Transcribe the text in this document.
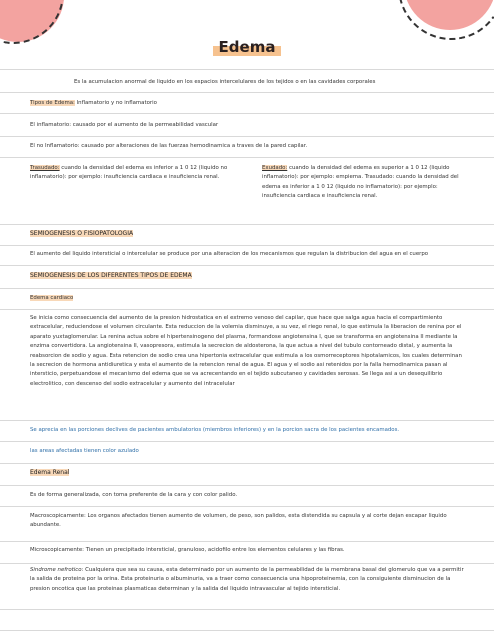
Edema
Es la acumulacion anormal de liquido en los espacios intercelulares de los tejidos o en las cavidades corporales
Tipos de Edema: Inflamatorio y no inflamatorio
El inflamatorio: causado por el aumento de la permeabilidad vascular
El no Inflamatorio: causado por alteraciones de las fuerzas hemodinamica a traves de la pared capilar.
Trasudado: cuando la densidad del edema es inferior a 1 0 12 (liquido no inflamatorio): por ejemplo: insuficiencia cardiaca e insuficiencia renal.
Exudado: cuando la densidad del edema es superior a 1 0 12 (liquido inflamatorio): por ejemplo: empiema. Trasudado: cuando la densidad del edema es inferior a 1 0 12 (liquido no inflamatorio): por ejemplo: insuficiencia cardiaca e insuficiencia renal.
SEMIOGENESIS O FISIOPATOLOGIA
El aumento del liquido intersticial o intercelular se produce por una alteracion de los mecanismos que regulan la distribucion del agua en el cuerpo
SEMIOGENESIS DE LOS DIFERENTES TIPOS DE EDEMA
Edema cardiaco
Se inicia como consecuencia del aumento de la presion hidrostatica en el extremo venoso del capilar, que hace que salga agua hacia el compartimiento extracelular, reduciendose el volumen circulante. Esta reduccion de la volemia disminuye, a su vez, el riego renal, lo que estimula la liberacion de renina por el aparato yuxtaglomerular. La renina actua sobre el hipertensinogeno del plasma, formandose angiotensina I, que se transforma en angiotensina II mediante la enzima convertidora. La angiotensina II, vasopresora, estimula la secrecion de aldosterona, la que actua a nivel del tubulo contorneado distal, y aumenta la reabsorcion de sodio y agua. Esta retencion de sodio crea una hipertonia extracelular que estimula a los osmorreceptores hipotalamicos, los cuales determinan la secrecion de hormona antidiuretica y esta el aumento de la retencion renal de agua. El agua y el sodio asi retenidos por la falla hemodinamica pasan al intersticio, perpetuandose el mecanismo del edema que se va acrecentando en el tejido subcutaneo y cavidades serosas. Se llega asi a un desequilibrio electrolitico, con descenso del sodio extracelular y aumento del intracelular
Se aprecia en las porciones declives de pacientes ambulatorios (miembros inferiores) y en la porcion sacra de los pacientes encamados.
las areas afectadas tienen color azulado
Edema Renal
Es de forma generalizada, con toma preferente de la cara y con color palido.
Macroscopicamente: Los organos afectados tienen aumento de volumen, de peso, son palidos, esta distendida su capsula y al corte dejan escapar liquido abundante.
Microscopicamente: Tienen un precipitado intersticial, granuloso, acidofilo entre los elementos celulares y las fibras.
Sindrome nefrotico: Cualquiera que sea su causa, esta determinado por un aumento de la permeabilidad de la membrana basal del glomerulo que va a permitir la salida de proteina por la orina. Esta proteinuria o albuminuria, va a traer como consecuencia una hipoproteinemia, con la consiguiente disminucion de la presion oncotica que las proteinas plasmaticas determinan y la salida del liquido intravascular al tejido intersticial.
